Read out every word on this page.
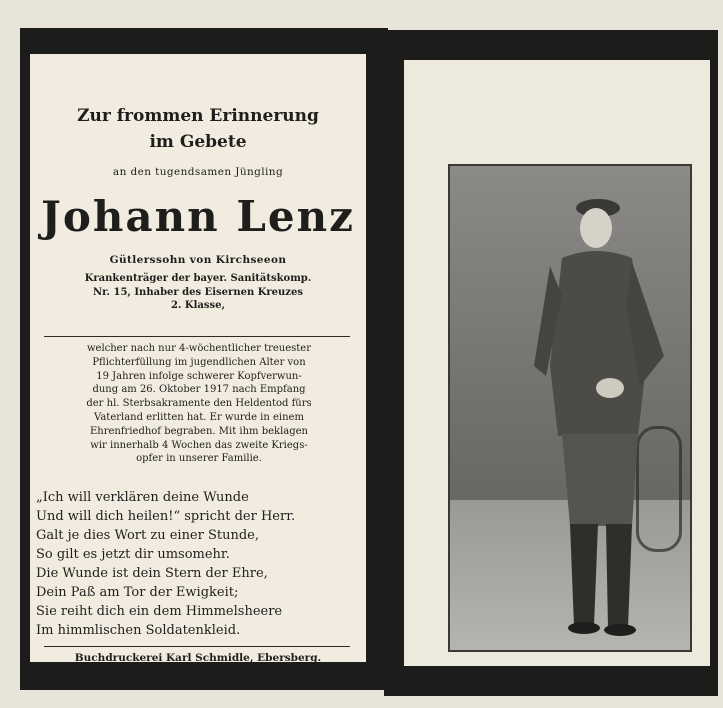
Zur frommen Erinnerung
im Gebete
an den tugendsamen Jüngling
Johann Lenz
Gütlerssohn von Kirchseeon
Krankenträger der bayer. Sanitätskomp.
Nr. 15, Inhaber des Eisernen Kreuzes
2. Klasse,
welcher nach nur 4-wöchentlicher treuester
Pflichterfüllung im jugendlichen Alter von
19 Jahren infolge schwerer Kopfverwun-
dung am 26. Oktober 1917 nach Empfang
der hl. Sterbsakramente den Heldentod fürs
Vaterland erlitten hat. Er wurde in einem
Ehrenfriedhof begraben. Mit ihm beklagen
wir innerhalb 4 Wochen das zweite Kriegs-
opfer in unserer Familie.
„Ich will verklären deine Wunde
Und will dich heilen!“ spricht der Herr.
Galt je dies Wort zu einer Stunde,
So gilt es jetzt dir umsomehr.
Die Wunde ist dein Stern der Ehre,
Dein Paß am Tor der Ewigkeit;
Sie reiht dich ein dem Himmelsheere
Im himmlischen Soldatenkleid.
Buchdruckerei Karl Schmidle, Ebersberg.
